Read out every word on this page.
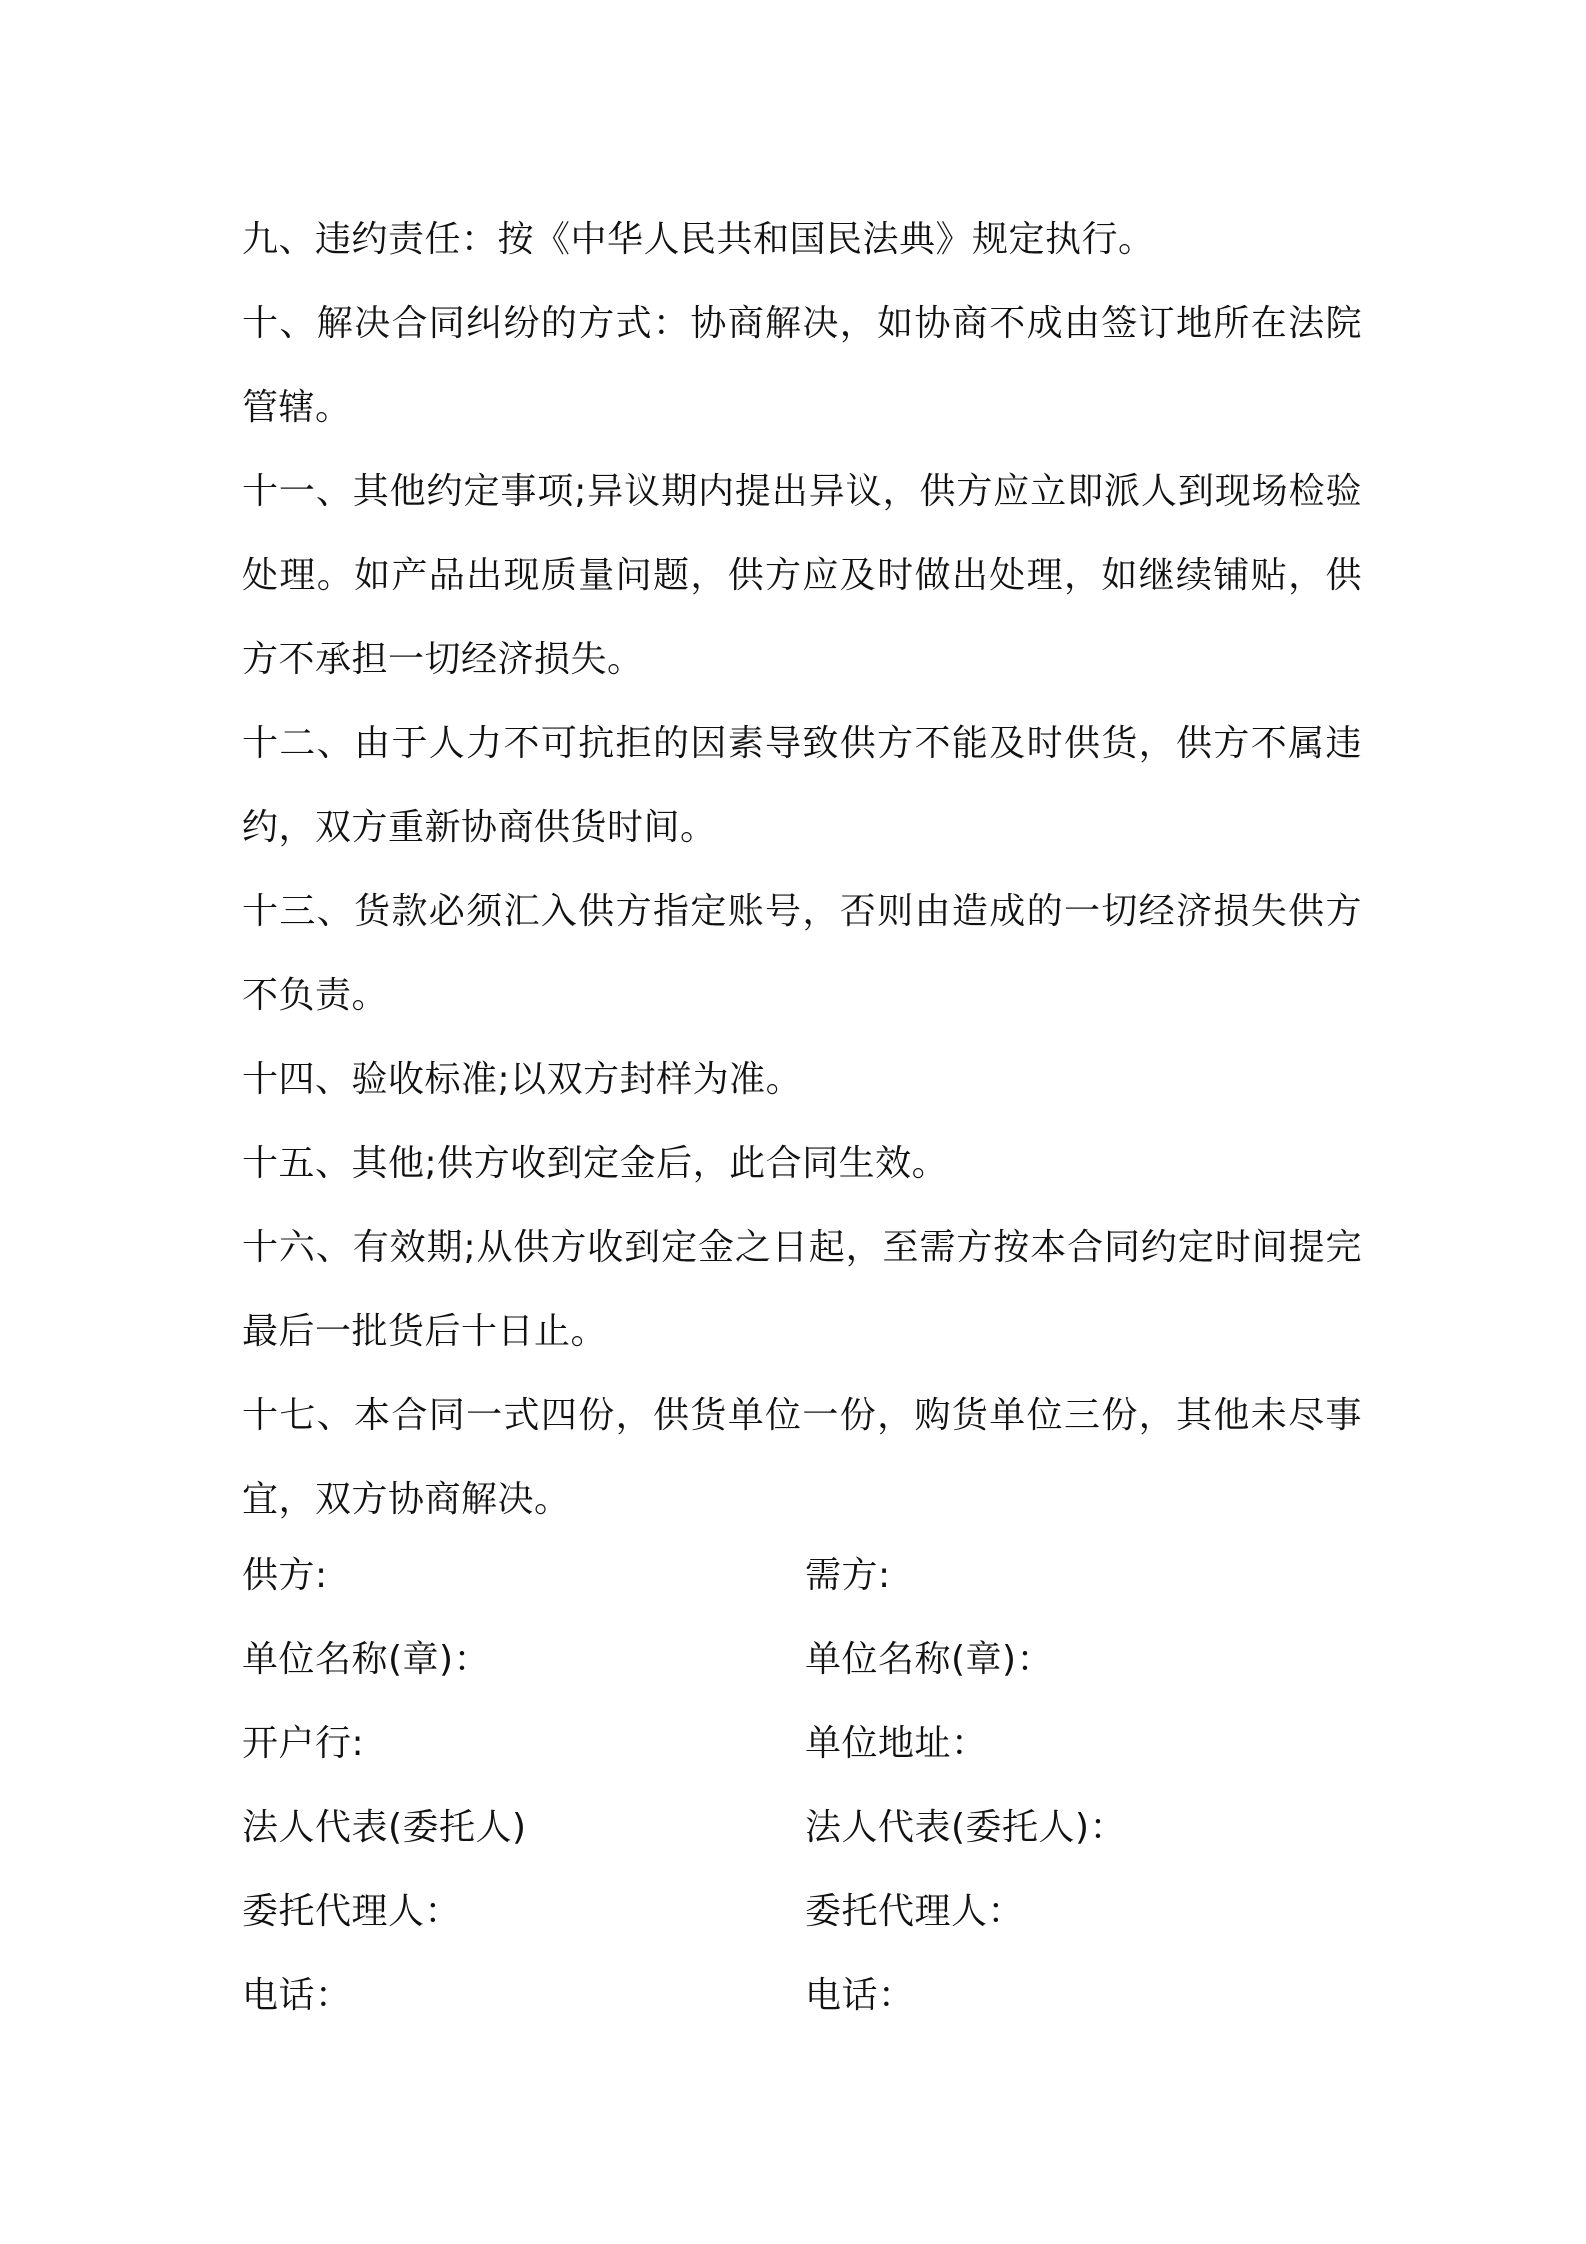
九、违约责任：按《中华人民共和国民法典》规定执行。
十、解决合同纠纷的方式：协商解决，如协商不成由签订地所在法院管辖。
十一、其他约定事项;异议期内提出异议，供方应立即派人到现场检验处理。如产品出现质量问题，供方应及时做出处理，如继续铺贴，供方不承担一切经济损失。
十二、由于人力不可抗拒的因素导致供方不能及时供货，供方不属违约，双方重新协商供货时间。
十三、货款必须汇入供方指定账号，否则由造成的一切经济损失供方不负责。
十四、验收标准;以双方封样为准。
十五、其他;供方收到定金后，此合同生效。
十六、有效期;从供方收到定金之日起，至需方按本合同约定时间提完最后一批货后十日止。
十七、本合同一式四份，供货单位一份，购货单位三份，其他未尽事宜，双方协商解决。
供方:	需方:
单位名称(章)：	单位名称(章)：
开户行:	单位地址：
法人代表(委托人)	法人代表(委托人)：
委托代理人：	委托代理人：
电话：	电话：
